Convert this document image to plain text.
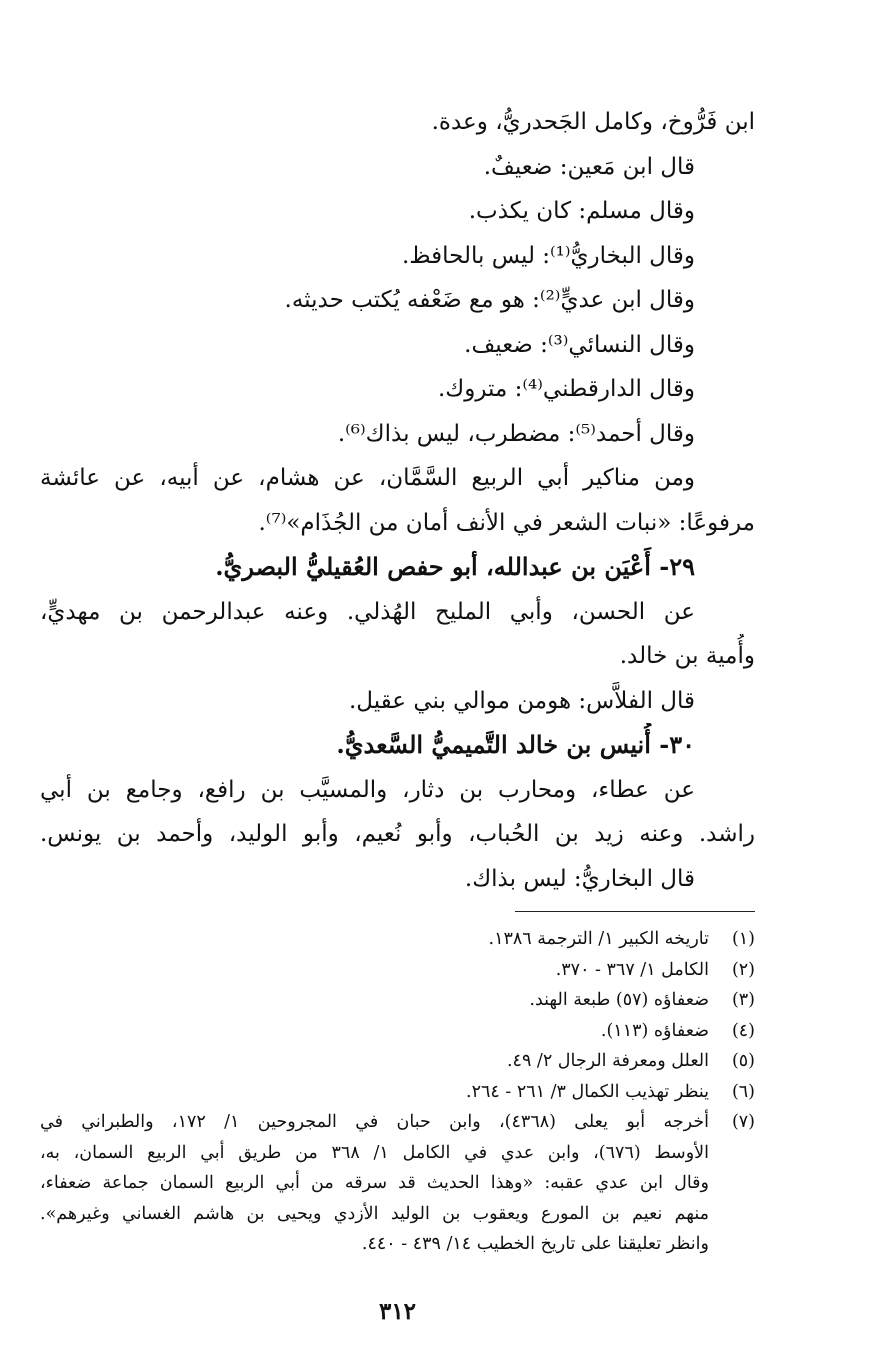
ابن فَرُّوخ، وكامل الجَحدريُّ، وعدة.
قال ابن مَعين: ضعيفٌ.
وقال مسلم: كان يكذب.
وقال البخاريُّ⁽¹⁾: ليس بالحافظ.
وقال ابن عديٍّ⁽²⁾: هو مع ضَعْفه يُكتب حديثه.
وقال النسائي⁽³⁾: ضعيف.
وقال الدارقطني⁽⁴⁾: متروك.
وقال أحمد⁽⁵⁾: مضطرب، ليس بذاك⁽⁶⁾.
ومن مناكير أبي الربيع السَّمَّان، عن هشام، عن أبيه، عن عائشة
مرفوعًا: «نبات الشعر في الأنف أمان من الجُذَام»⁽⁷⁾.
٢٩- أَعْيَن بن عبدالله، أبو حفص العُقيليُّ البصريُّ.
عن الحسن، وأبي المليح الهُذلي. وعنه عبدالرحمن بن مهديٍّ،
وأُمية بن خالد.
قال الفلاَّس: هومن موالي بني عقيل.
٣٠- أُنيس بن خالد التَّميميُّ السَّعديُّ.
عن عطاء، ومحارب بن دثار، والمسيَّب بن رافع، وجامع بن أبي
راشد. وعنه زيد بن الحُباب، وأبو نُعيم، وأبو الوليد، وأحمد بن يونس.
قال البخاريُّ: ليس بذاك.
(١)
تاريخه الكبير ١/ الترجمة ١٣٨٦.
(٢)
الكامل ١/ ٣٦٧ - ٣٧٠.
(٣)
ضعفاؤه (٥٧) طبعة الهند.
(٤)
ضعفاؤه (١١٣).
(٥)
العلل ومعرفة الرجال ٢/ ٤٩.
(٦)
ينظر تهذيب الكمال ٣/ ٢٦١ - ٢٦٤.
(٧)
أخرجه أبو يعلى (٤٣٦٨)، وابن حبان في المجروحين ١/ ١٧٢، والطبراني في
الأوسط (٦٧٦)، وابن عدي في الكامل ١/ ٣٦٨ من طريق أبي الربيع السمان، به،
وقال ابن عدي عقبه: «وهذا الحديث قد سرقه من أبي الربيع السمان جماعة ضعفاء،
منهم نعيم بن المورع ويعقوب بن الوليد الأزدي ويحيى بن هاشم الغساني وغيرهم».
وانظر تعليقنا على تاريخ الخطيب ١٤/ ٤٣٩ - ٤٤٠.
٣١٢
